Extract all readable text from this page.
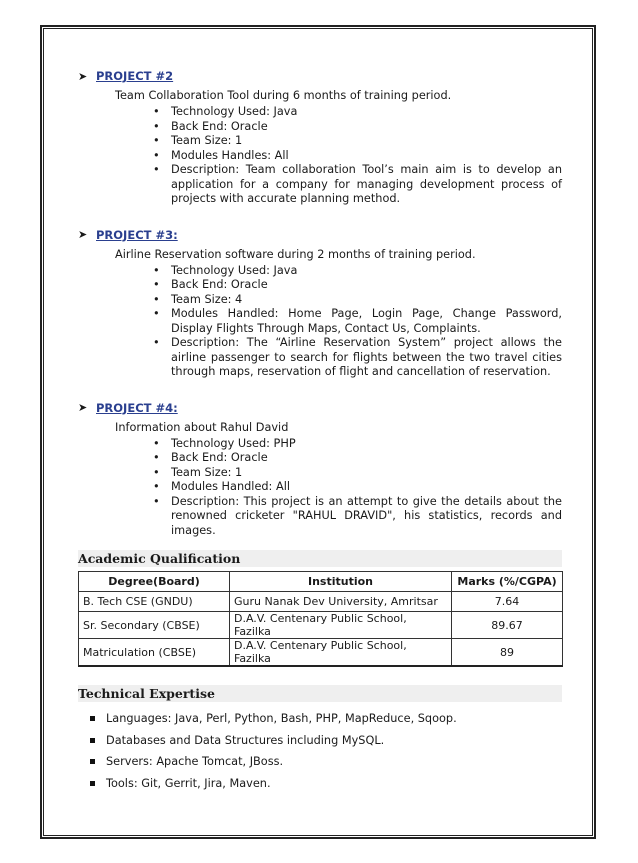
➤ PROJECT #2
Team Collaboration Tool during 6 months of training period.
• Technology Used: Java
• Back End: Oracle
• Team Size: 1
• Modules Handles: All
• Description: Team collaboration Tool’s main aim is to develop an application for a company for managing development process of projects with accurate planning method.
➤ PROJECT #3:
Airline Reservation software during 2 months of training period.
• Technology Used: Java
• Back End: Oracle
• Team Size: 4
• Modules Handled: Home Page, Login Page, Change Password, Display Flights Through Maps, Contact Us, Complaints.
• Description: The “Airline Reservation System” project allows the airline passenger to search for flights between the two travel cities through maps, reservation of flight and cancellation of reservation.
➤ PROJECT #4:
Information about Rahul David
• Technology Used: PHP
• Back End: Oracle
• Team Size: 1
• Modules Handled: All
• Description: This project is an attempt to give the details about the renowned cricketer "RAHUL DRAVID", his statistics, records and images.
Academic Qualification
Degree(Board)	Institution	Marks (%/CGPA)
B. Tech CSE (GNDU)	Guru Nanak Dev University, Amritsar	7.64
Sr. Secondary (CBSE)	D.A.V. Centenary Public School, Fazilka	89.67
Matriculation (CBSE)	D.A.V. Centenary Public School, Fazilka	89
Technical Expertise
Languages: Java, Perl, Python, Bash, PHP, MapReduce, Sqoop.
Databases and Data Structures including MySQL.
Servers: Apache Tomcat, JBoss.
Tools: Git, Gerrit, Jira, Maven.
